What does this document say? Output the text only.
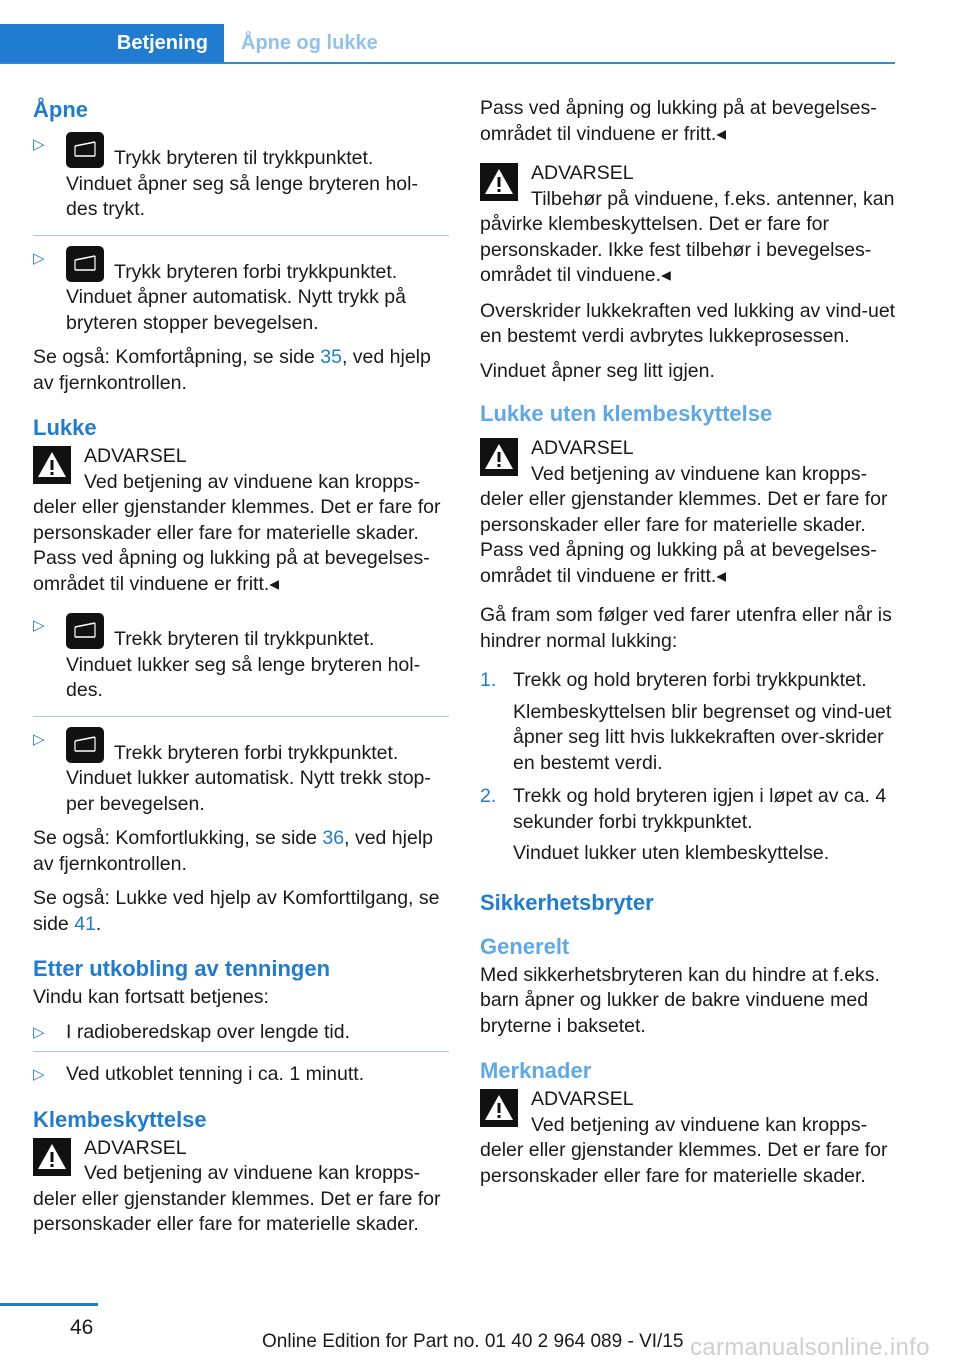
Betjening Åpne og lukke
Åpne
▷
Trykk bryteren til trykkpunktet.
Vinduet åpner seg så lenge bryteren hol-des trykt.
▷
Trykk bryteren forbi trykkpunktet.
Vinduet åpner automatisk. Nytt trykk på bryteren stopper bevegelsen.

Se også: Komfortåpning, se side 35, ved hjelp av fjernkontrollen.

Lukke
ADVARSEL
Ved betjening av vinduene kan kropps-deler eller gjenstander klemmes. Det er fare for personskader eller fare for materielle skader. Pass ved åpning og lukking på at bevegelses-området til vinduene er fritt.◂
▷
Trekk bryteren til trykkpunktet.
Vinduet lukker seg så lenge bryteren hol-des.
▷
Trekk bryteren forbi trykkpunktet.
Vinduet lukker automatisk. Nytt trekk stop-per bevegelsen.

Se også: Komfortlukking, se side 36, ved hjelp av fjernkontrollen.

Se også: Lukke ved hjelp av Komforttilgang, se side 41.

Etter utkobling av tenningen

Vindu kan fortsatt betjenes:

▷ I radioberedskap over lengde tid.
▷ Ved utkoblet tenning i ca. 1 minutt.
Klembeskyttelse
ADVARSEL
Ved betjening av vinduene kan kropps-deler eller gjenstander klemmes. Det er fare for personskader eller fare for materielle skader.

Pass ved åpning og lukking på at bevegelses-området til vinduene er fritt.◂

ADVARSEL
Tilbehør på vinduene, f.eks. antenner, kan påvirke klembeskyttelsen. Det er fare for personskader. Ikke fest tilbehør i bevegelses-området til vinduene.◂

Overskrider lukkekraften ved lukking av vind-uet en bestemt verdi avbrytes lukkeprosessen.

Vinduet åpner seg litt igjen.

Lukke uten klembeskyttelse
ADVARSEL
Ved betjening av vinduene kan kropps-deler eller gjenstander klemmes. Det er fare for personskader eller fare for materielle skader. Pass ved åpning og lukking på at bevegelses-området til vinduene er fritt.◂

Gå fram som følger ved farer utenfra eller når is hindrer normal lukking:

1. Trekk og hold bryteren forbi trykkpunktet.
Klembeskyttelsen blir begrenset og vind-uet åpner seg litt hvis lukkekraften over-skrider en bestemt verdi.
2. Trekk og hold bryteren igjen i løpet av ca. 4 sekunder forbi trykkpunktet.
Vinduet lukker uten klembeskyttelse.
Sikkerhetsbryter
Generelt

Med sikkerhetsbryteren kan du hindre at f.eks. barn åpner og lukker de bakre vinduene med bryterne i baksetet.

Merknader
ADVARSEL
Ved betjening av vinduene kan kropps-deler eller gjenstander klemmes. Det er fare for personskader eller fare for materielle skader.
46
Online Edition for Part no. 01 40 2 964 089 - VI/15 carmanualsonline.info
